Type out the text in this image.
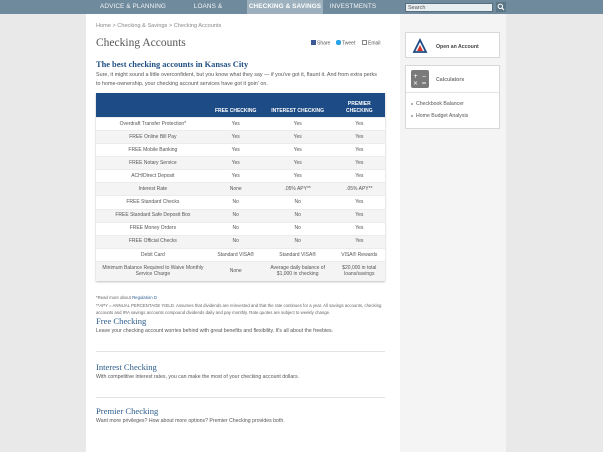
ADVICE & PLANNING	LOANS &	CHECKING & SAVINGS	INVESTMENTS	Search
Home > Checking & Savings > Checking Accounts
Checking Accounts	Share	Tweet	Email
The best checking accounts in Kansas City
Sure, it might sound a little overconfident, but you know what they say — if you've got it, flaunt it. And from extra perks to home-ownership, your checking account services have got it goin' on.
	FREE CHECKING	INTEREST CHECKING	PREMIER CHECKING
Overdraft Transfer Protection*	Yes	Yes	Yes
FREE Online Bill Pay	Yes	Yes	Yes
FREE Mobile Banking	Yes	Yes	Yes
FREE Notary Service	Yes	Yes	Yes
ACH/Direct Deposit	Yes	Yes	Yes
Interest Rate	None	.05% APY**	.05% APY**
FREE Standard Checks	No	No	Yes
FREE Standard Safe Deposit Box	No	No	Yes
FREE Money Orders	No	No	Yes
FREE Official Checks	No	No	Yes
Debit Card	Standard VISA®	Standard VISA®	VISA® Rewards
Minimum Balance Required to Waive Monthly Service Charge	None	Average daily balance of $1,000 in checking	$20,000 in total loans/savings
*Read more about Regulation D
**APY = ANNUAL PERCENTAGE YIELD. Assumes that dividends are reinvested and that the rate continues for a year. All savings accounts, checking
accounts and IRA savings accounts compound dividends daily and pay monthly. Rate quotes are subject to weekly change.
Free Checking
Leave your checking account worries behind with great benefits and flexibility. It's all about the freebies.
Interest Checking
With competitive interest rates, you can make the most of your checking account dollars.
Premier Checking
Want more privileges? How about more options? Premier Checking provides both.
Open an Account
+ −
× = Calculators
Checkbook Balancer
Home Budget Analysis
